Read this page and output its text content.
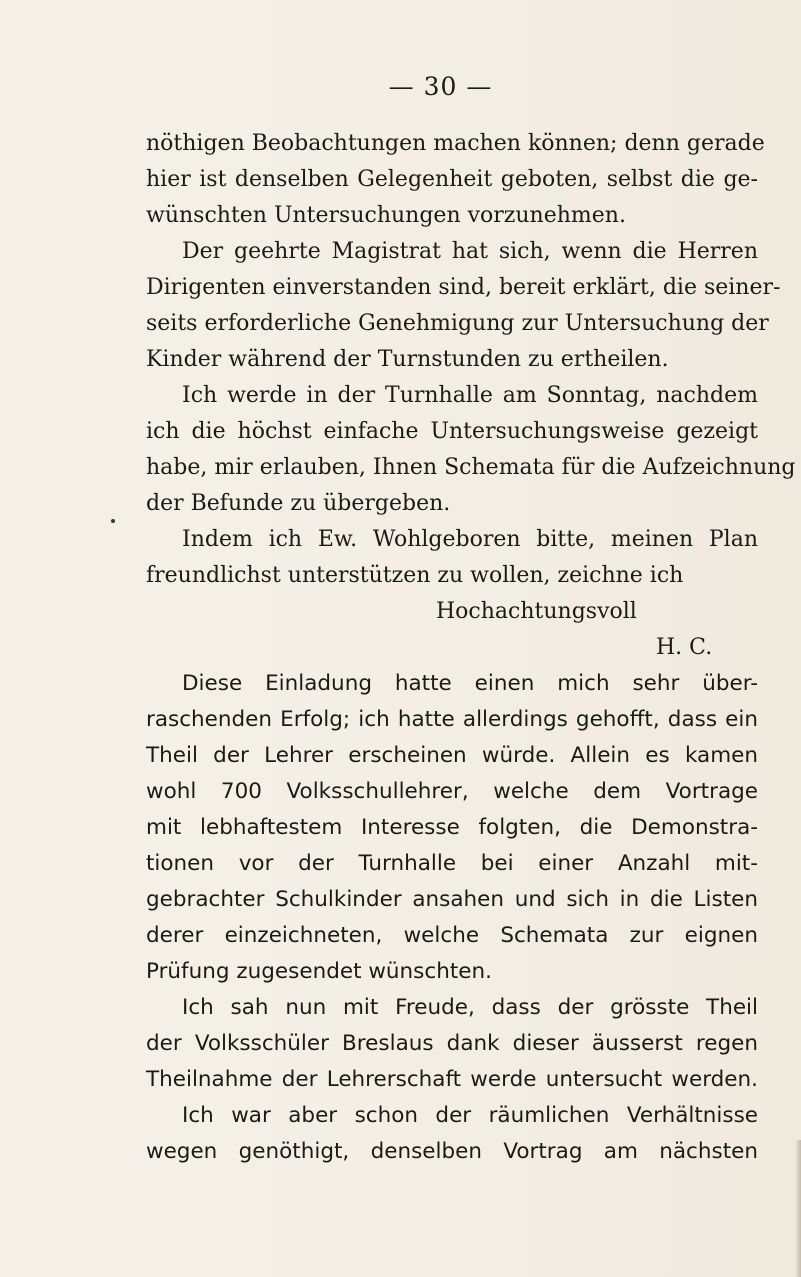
— 30 —
nöthigen Beobachtungen machen können; denn gerade
hier ist denselben Gelegenheit geboten, selbst die ge-
wünschten Untersuchungen vorzunehmen.
Der geehrte Magistrat hat sich, wenn die Herren
Dirigenten einverstanden sind, bereit erklärt, die seiner-
seits erforderliche Genehmigung zur Untersuchung der
Kinder während der Turnstunden zu ertheilen.
Ich werde in der Turnhalle am Sonntag, nachdem
ich die höchst einfache Untersuchungsweise gezeigt
habe, mir erlauben, Ihnen Schemata für die Aufzeichnung
der Befunde zu übergeben.
Indem ich Ew. Wohlgeboren bitte, meinen Plan
freundlichst unterstützen zu wollen, zeichne ich
Hochachtungsvoll
H. C.
Diese Einladung hatte einen mich sehr über-
raschenden Erfolg; ich hatte allerdings gehofft, dass ein
Theil der Lehrer erscheinen würde. Allein es kamen
wohl 700 Volksschullehrer, welche dem Vortrage
mit lebhaftestem Interesse folgten, die Demonstra-
tionen vor der Turnhalle bei einer Anzahl mit-
gebrachter Schulkinder ansahen und sich in die Listen
derer einzeichneten, welche Schemata zur eignen
Prüfung zugesendet wünschten.
Ich sah nun mit Freude, dass der grösste Theil
der Volksschüler Breslaus dank dieser äusserst regen
Theilnahme der Lehrerschaft werde untersucht werden.
Ich war aber schon der räumlichen Verhältnisse
wegen genöthigt, denselben Vortrag am nächsten
